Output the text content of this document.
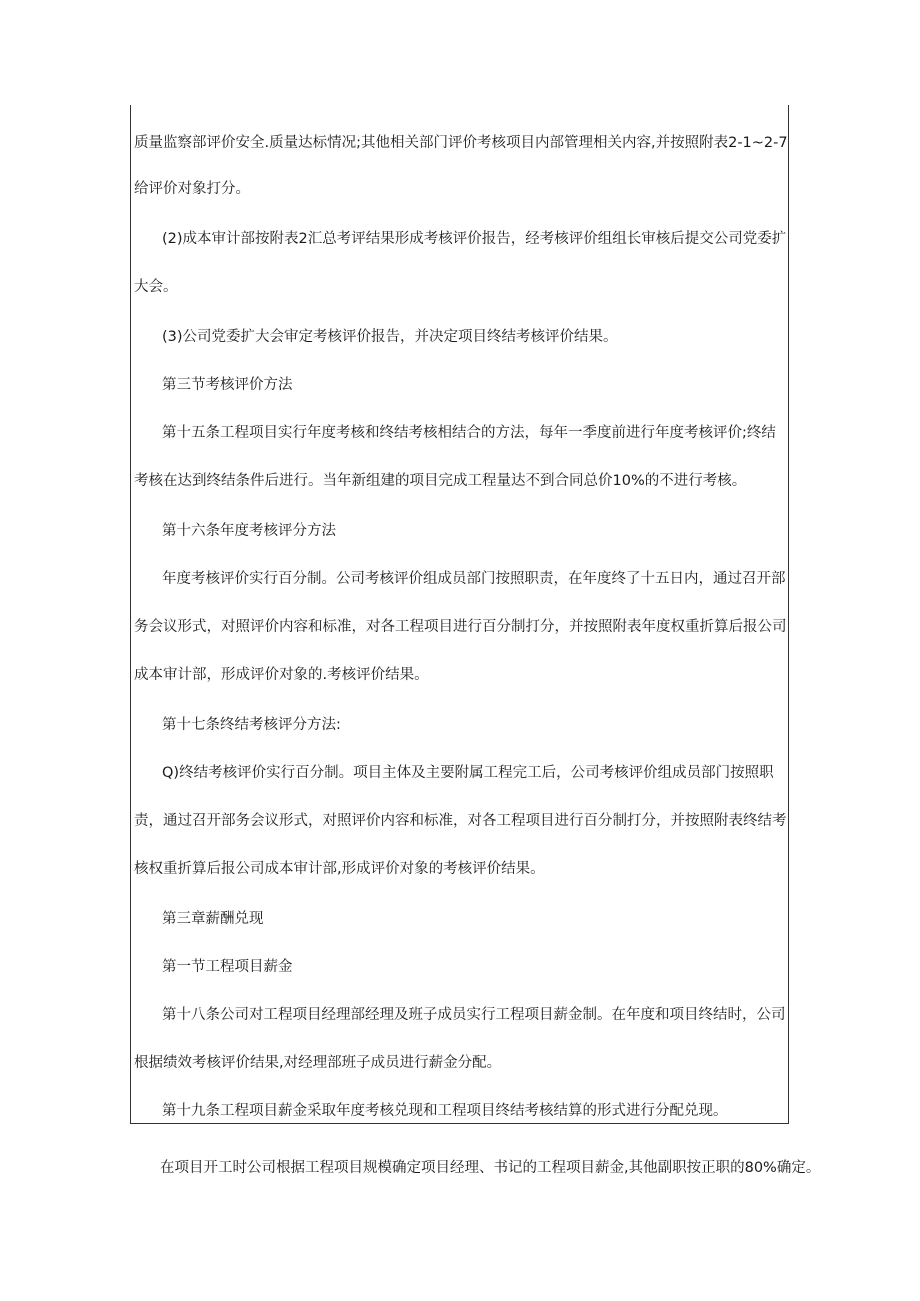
质量监察部评价安全.质量达标情况;其他相关部门评价考核项目内部管理相关内容,并按照附表2-1~2-7

给评价对象打分。

(2)成本审计部按附表2汇总考评结果形成考核评价报告，经考核评价组组长审核后提交公司党委扩

大会。

(3)公司党委扩大会审定考核评价报告，并决定项目终结考核评价结果。

第三节考核评价方法

第十五条工程项目实行年度考核和终结考核相结合的方法，每年一季度前进行年度考核评价;终结

考核在达到终结条件后进行。当年新组建的项目完成工程量达不到合同总价10%的不进行考核。

第十六条年度考核评分方法

年度考核评价实行百分制。公司考核评价组成员部门按照职责，在年度终了十五日内，通过召开部

务会议形式，对照评价内容和标准，对各工程项目进行百分制打分，并按照附表年度权重折算后报公司

成本审计部，形成评价对象的.考核评价结果。

第十七条终结考核评分方法:

Q)终结考核评价实行百分制。项目主体及主要附属工程完工后，公司考核评价组成员部门按照职

责，通过召开部务会议形式，对照评价内容和标准，对各工程项目进行百分制打分，并按照附表终结考

核权重折算后报公司成本审计部,形成评价对象的考核评价结果。

第三章薪酬兑现

第一节工程项目薪金

第十八条公司对工程项目经理部经理及班子成员实行工程项目薪金制。在年度和项目终结时，公司

根据绩效考核评价结果,对经理部班子成员进行薪金分配。

第十九条工程项目薪金采取年度考核兑现和工程项目终结考核结算的形式进行分配兑现。

在项目开工时公司根据工程项目规模确定项目经理、书记的工程项目薪金,其他副职按正职的80%确定。
